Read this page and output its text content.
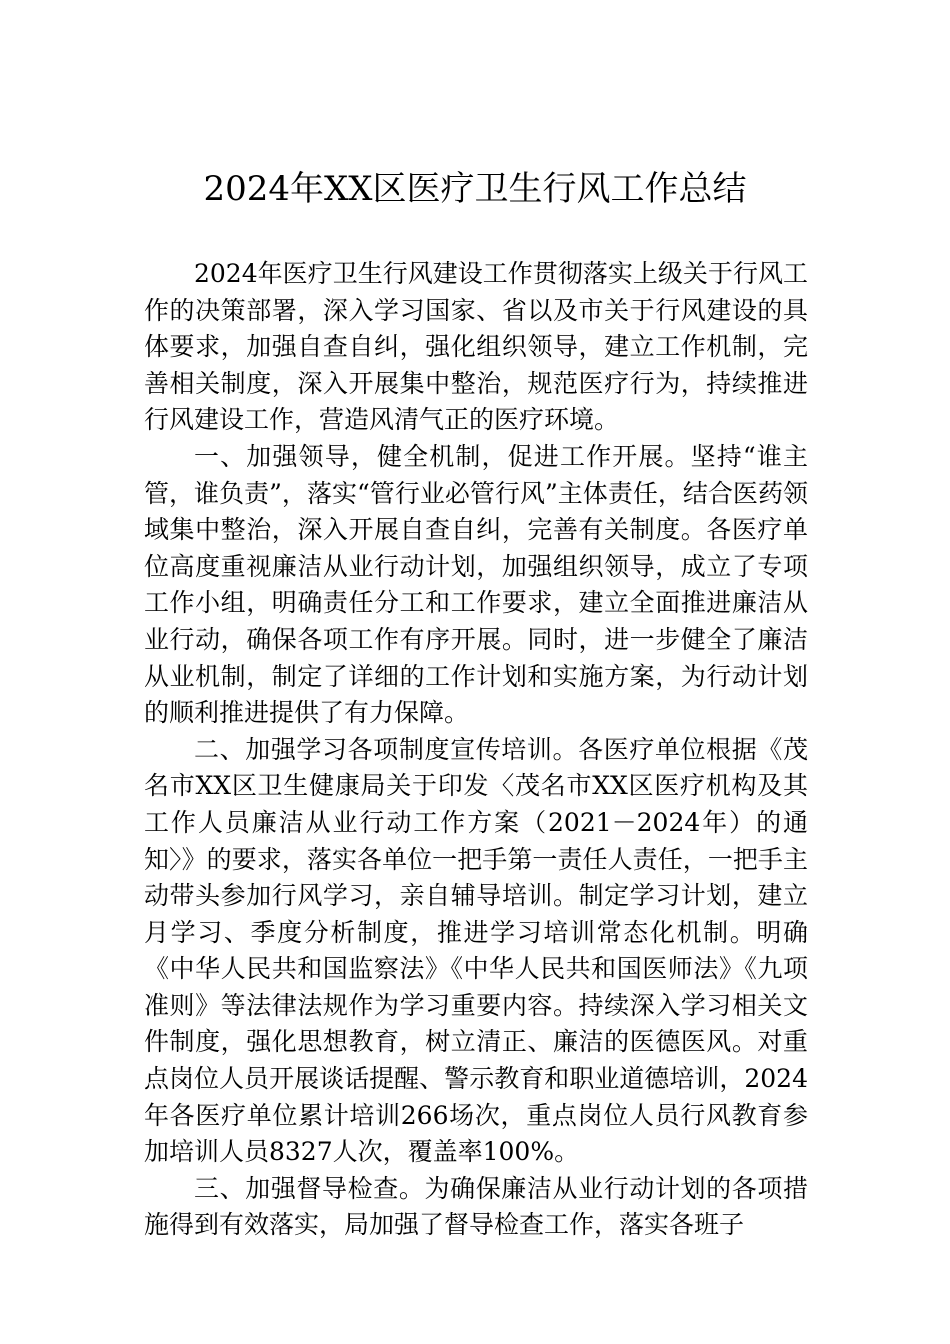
2024年XX区医疗卫生行风工作总结

2024年医疗卫生行风建设工作贯彻落实上级关于行风工作的决策部署，深入学习国家、省以及市关于行风建设的具体要求，加强自查自纠，强化组织领导，建立工作机制，完善相关制度，深入开展集中整治，规范医疗行为，持续推进行风建设工作，营造风清气正的医疗环境。

一、加强领导，健全机制，促进工作开展。坚持“谁主管，谁负责”，落实“管行业必管行风”主体责任，结合医药领域集中整治，深入开展自查自纠，完善有关制度。各医疗单位高度重视廉洁从业行动计划，加强组织领导，成立了专项工作小组，明确责任分工和工作要求，建立全面推进廉洁从业行动，确保各项工作有序开展。同时，进一步健全了廉洁从业机制，制定了详细的工作计划和实施方案，为行动计划的顺利推进提供了有力保障。

二、加强学习各项制度宣传培训。各医疗单位根据《茂名市XX区卫生健康局关于印发〈茂名市XX区医疗机构及其工作人员廉洁从业行动工作方案（2021－2024年）的通知〉》的要求，落实各单位一把手第一责任人责任，一把手主动带头参加行风学习，亲自辅导培训。制定学习计划，建立月学习、季度分析制度，推进学习培训常态化机制。明确《中华人民共和国监察法》《中华人民共和国医师法》《九项准则》等法律法规作为学习重要内容。持续深入学习相关文件制度，强化思想教育，树立清正、廉洁的医德医风。对重点岗位人员开展谈话提醒、警示教育和职业道德培训，2024年各医疗单位累计培训266场次，重点岗位人员行风教育参加培训人员8327人次，覆盖率100%。

三、加强督导检查。为确保廉洁从业行动计划的各项措施得到有效落实，局加强了督导检查工作，落实各班子
